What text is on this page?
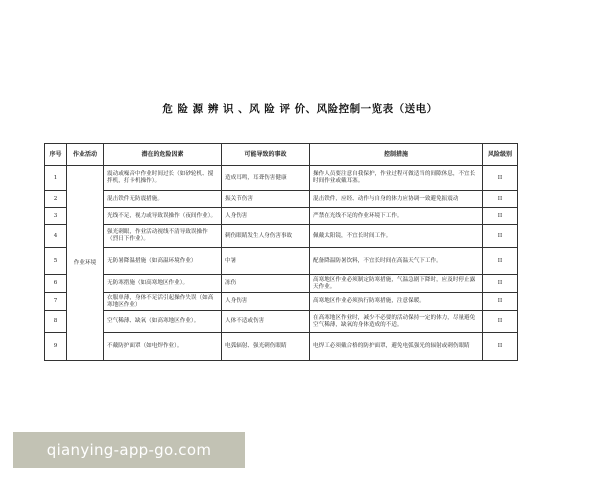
危 险 源 辨 识 、风 险 评 价、风险控制一览表（送电）
序号	作业活动	潜在的危险因素	可能导致的事故	控制措施	风险级别
1	作业环境	震动或噪音中作业时间过长（如砂轮机、搅拌机，打卡机操作）。	造成耳鸣，耳聋伤害健康	操作人员要注意自我保护，作业过程可做适当的间隙休息，不宜长时间作业或戴耳塞。	II
2		混击铁件无防震措施。	振关节伤害	混击铁件，应经、动作与自身的体力应协调一致避免振震动	II
3		光线不足，视力或导致误操作（夜间作业）。	人身伤害	严禁在光线不足的作业环境下工作。	II
4		强光刺眼，作业活动视线不清导致误操作（烈日下作业）。	刺伤眼睛发生人身伤害事故	佩戴太阳镜，不宜长时间工作。	II
5		无防暑降温措施（如高温环境作业）	中暑	配备降温防暑饮料，不宜长时间在高温天气下工作。	II
6		无防寒措施（如高寒地区作业）。	冻伤	高寒地区作业必须制定防寒措施，气温急剧下降时，应及时停止露天作业。	II
7		衣服单薄，身体不足活引起操作失误（如高寒地区作业）	人身伤害	高寒地区作业必须执行防寒措施，注意保暖。	II
8		空气稀薄、缺氧（如高寒地区作业）。	人体不适或伤害	在高寒地区作业时，减少不必要的活动保持一定的体力，尽量避免空气稀薄，缺氧的身体造成的不适。	II
9		不戴防护面罩（如电焊作业）。	电弧辐射、强光刺伤眼睛	电焊工必须戴合格的防护面罩，避免电弧强光的辐射或刺伤眼睛	II
qianying-app-go.com
